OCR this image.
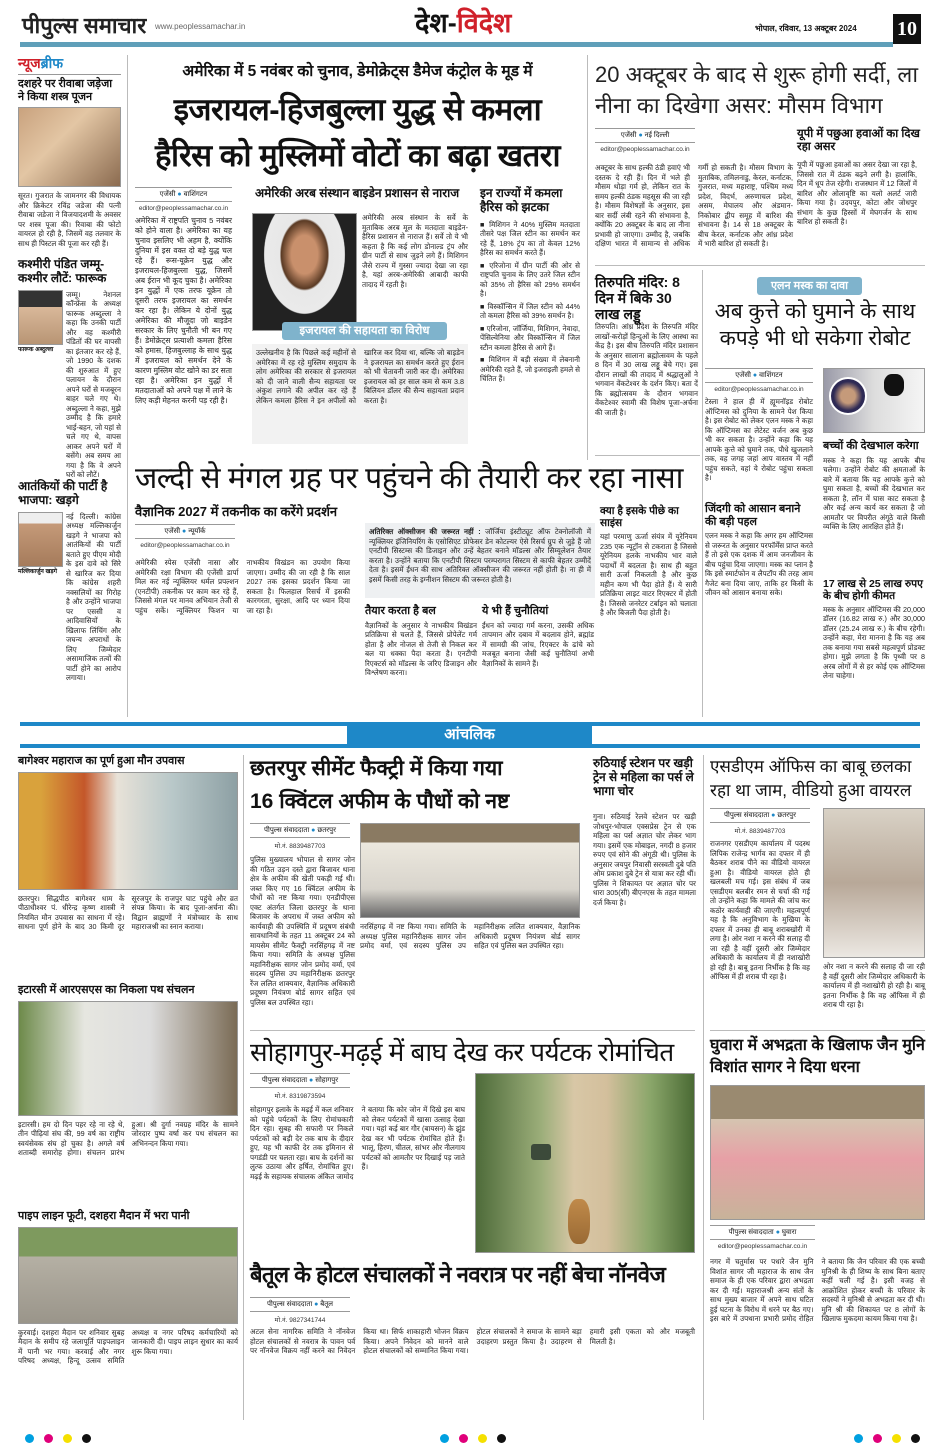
पीपुल्स समाचार www.peoplessamachar.in	देश-विदेश	भोपाल, रविवार, 13 अक्टूबर 2024 10
न्यूजब्रीफ
दशहरे पर रीवाबा जड़ेजा ने किया शस्त्र पूजन
सूरत। गुजरात के जामनगर की विधायक और क्रिकेटर रविंद्र जडेजा की पत्नी रीवाबा जडेजा ने विजयादशमी के अवसर पर शस्त्र पूजा की। रिवाबा की फोटो वायरल हो रही है, जिसमें वह तलवार के साथ ही पिस्टल की पूजा कर रही हैं।
कश्मीरी पंडित जम्मू-कश्मीर लौटें: फारूक
फारूक अब्दुल्ला
जम्मू। नेशनल कॉन्फ्रेंस के अध्यक्ष फारूक अब्दुल्ला ने कहा कि उनकी पार्टी और वह कश्मीरी पंडितों की घर वापसी का इंतजार कर रहे हैं, जो 1990 के दशक की शुरुआत में हुए पलायन के दौरान अपने घरों से मजबूरन बाहर चले गए थे। अब्दुल्ला ने कहा, मुझे उम्मीद है कि हमारे भाई-बहन, जो यहां से चले गए थे, वापस आकर अपने घरों में बसेंगे। अब समय आ गया है कि वे अपने घरों को लौटें।
आतंकियों की पार्टी है भाजपा: खड़गे
मल्लिकार्जुन खड़गे
नई दिल्ली। कांग्रेस अध्यक्ष मल्लिकार्जुन खड़गे ने भाजपा को आतंकियों की पार्टी बताते हुए पीएम मोदी के इस दावे को सिरे से खारिज कर दिया कि कांग्रेस शहरी नक्सलियों का गिरोह है और उन्होंने भाजपा पर एससी व आदिवासियों के खिलाफ लिंचिंग और जघन्य अपराधों के लिए जिम्मेदार असामाजिक तत्वों की पार्टी होने का आरोप लगाया।
अमेरिका में 5 नवंबर को चुनाव, डेमोक्रेट्स डैमेज कंट्रोल के मूड में
इजरायल-हिजबुल्ला युद्ध से कमला
हैरिस को मुस्लिमों वोटों का बढ़ा खतरा
एजेंसी ● वाशिंगटन
editor@peoplessamachar.co.in
अमेरिका में राष्ट्रपति चुनाव 5 नवंबर को होने वाला है। अमेरिका का यह चुनाव इसलिए भी अहम है, क्योंकि दुनिया में इस वक्त दो बड़े युद्ध चल रहे हैं। रूस-यूक्रेन युद्ध और इजरायल-हिजबुल्ला युद्ध, जिसमें अब ईरान भी कूद चुका है। अमेरिका इन युद्धों में एक तरफ यूक्रेन तो दूसरी तरफ इजरायल का समर्थन कर रहा है। लेकिन ये दोनों युद्ध अमेरिका की मौजूदा जो बाइडेन सरकार के लिए चुनौती भी बन गए हैं। डेमोक्रेट्स प्रत्याशी कमला हैरिस को हमास, हिजबुल्लाह के साथ युद्ध में इजरायल को समर्थन देने के कारण मुस्लिम वोट खोने का डर सता रहा है। अमेरिका इन युद्धों में मतदाताओं को अपने पक्ष में लाने के लिए कड़ी मेहनत करनी पड़ रही है।
अमेरिकी अरब संस्थान बाइडेन प्रशासन से नाराज
अमेरिकी अरब संस्थान के सर्वे के मुताबिक अरब मूल के मतदाता बाइडेन-हैरिस प्रशासन से नाराज हैं। सर्वे तो ये भी कहता है कि कई लोग डोनाल्ड ट्रंप और ग्रीन पार्टी से साथ जुड़ने लगे हैं। मिशिगन जैसे राज्य में गुस्सा ज्यादा देखा जा रहा है, यहां अरब-अमेरिकी आबादी काफी तादाद में रहती है।
इजरायल की सहायता का विरोध
उल्लेखनीय है कि पिछले कई महीनों से अमेरिका में रह रहे मुस्लिम समुदाय के लोग अमेरिका की सरकार से इजरायल को दी जाने वाली सैन्य सहायता पर अंकुश लगाने की अपील कर रहे हैं लेकिन कमला हैरिस ने इन अपीलों को खारिज कर दिया था, बल्कि जो बाइडेन ने इजरायल का समर्थन करते हुए ईरान को भी चेतावनी जारी कर दी। अमेरिका इजरायल को हर साल कम से कम 3.8 बिलियन डॉलर की सैन्य सहायता प्रदान करता है।
इन राज्यों में कमला हैरिस को झटका
■ मिशिगन ने 40% मुस्लिम मतदाता तीसरे पक्ष जिल स्टीन का समर्थन कर रहे हैं, 18% ट्रंप का तो केवल 12% हैरिस का समर्थन करते हैं।
■ एरिजोना में ग्रीन पार्टी की ओर से राष्ट्रपति चुनाव के लिए उतरे जिल स्टीन को 35% तो हैरिस को 29% समर्थन है।
■ विस्कॉन्सिन में जिल स्टीन को 44% तो कमला हैरिस को 39% समर्थन है।
■ एरिजोना, जॉर्जिया, मिशिगन, नेवादा, पेंसिल्वेनिया और विस्कॉन्सिन में जिल स्टीन कमला हैरिस से आगे हैं।
■ मिशिगन में बड़ी संख्या में लेबनानी अमेरिकी रहते हैं, जो इजराइली हमले से चिंतित हैं।
20 अक्टूबर के बाद से शुरू होगी सर्दी, ला नीना का दिखेगा असर: मौसम विभाग
एजेंसी ● नई दिल्ली
editor@peoplessamachar.co.in
अक्टूबर के साथ हल्की ठंडी हवाएं भी दस्तक दे रही हैं। दिन में भले ही मौसम थोड़ा गर्म हो, लेकिन रात के समय हल्की ठंडक महसूस की जा रही है। मौसम विशेषज्ञों के अनुसार, इस बार सर्दी लंबी रहने की संभावना है, क्योंकि 20 अक्टूबर के बाद ला नीना प्रभावी हो जाएगा। उम्मीद है, जबकि दक्षिण भारत में सामान्य से अधिक गर्मी हो सकती है। मौसम विभाग के मुताबिक, तमिलनाडु, केरल, कर्नाटक, गुजरात, मध्य महाराष्ट्र, पश्चिम मध्य प्रदेश, विदर्भ, अरुणाचल प्रदेश, असम, मेघालय और अंडमान-निकोबार द्वीप समूह में बारिश की संभावना है। 14 से 18 अक्टूबर के बीच केरल, कर्नाटक और आंध्र प्रदेश में भारी बारिश हो सकती है।
यूपी में पछुआ हवाओं का दिख रहा असर
यूपी में पछुआ हवाओं का असर देखा जा रहा है, जिससे रात में ठंडक बढ़ने लगी है। हालांकि, दिन में धूप तेज रहेगी। राजस्थान में 12 जिलों में बारिश और ओलावृष्टि का यलो अलर्ट जारी किया गया है। उदयपुर, कोटा और जोधपुर संभाग के कुछ हिस्सों में मेघगर्जन के साथ बारिश हो सकती है।
तिरुपति मंदिर: 8 दिन में बिके 30 लाख लड्डू
तिरुपति। आंध्र प्रदेश के तिरुपति मंदिर लाखों-करोड़ों हिन्दुओं के लिए आस्था का केंद्र है। इस बीच तिरुपति मंदिर प्रशासन के अनुसार सालाना ब्रह्मोत्सवम के पहले 8 दिन में 30 लाख लड्डू बेचे गए। इस दौरान लाखों की तादाद में श्रद्धालुओं ने भगवान वेंकटेश्वर के दर्शन किए। बता दें कि ब्रह्मोत्सवम के दौरान भगवान वेंकटेश्वर स्वामी की विशेष पूजा-अर्चना की जाती है।
एलन मस्क का दावा
अब कुत्ते को घुमाने के साथ कपड़े भी धो सकेगा रोबोट
एजेंसी ● वाशिंगटन
editor@peoplessamachar.co.in
टेस्ला ने हाल ही में ह्यूमनॉइड रोबोट ऑप्टिमस को दुनिया के सामने पेश किया है। इस रोबोट को लेकर एलन मस्क ने कहा कि ऑप्टिमस का लेटेस्ट वर्जन अब कुछ भी कर सकता है। उन्होंने कहा कि यह आपके कुत्ते को घुमाने तक, पौधे खुजलाने तक, वह जगह जहां आप वास्तव में नहीं पहुंच सकते, वहां ये रोबोट पहुंचा सकता है।
जिंदगी को आसान बनाने की बड़ी पहल
एलन मस्क ने कहा कि अगर हम ऑप्टिमस से जरूरत के अनुसार परफॉर्मेंस प्राप्त करते हैं तो इसे एक दशक में आम जनजीवन के बीच पहुंचा दिया जाएगा। मस्क का प्लान है कि इसे स्मार्टफोन व लैपटॉप की तरह आम गैजेट बना दिया जाए, ताकि हर किसी के जीवन को आसान बनाया सके।
बच्चों की देखभाल करेगा
मस्क ने कहा कि यह आपके बीच चलेगा। उन्होंने रोबोट की क्षमताओं के बारे में बताया कि यह आपके कुत्ते को घुमा सकता है, बच्चों की देखभाल कर सकता है, लॉन में घास काट सकता है और कई अन्य कार्य कर सकता है जो आमतौर पर विपरीत अंगूठे वाले किसी व्यक्ति के लिए आरक्षित होते हैं।
17 लाख से 25 लाख रुपए के बीच होगी कीमत
मस्क के अनुसार ऑप्टिमस की 20,000 डॉलर (16.82 लाख रु.) और 30,000 डॉलर (25.24 लाख रु.) के बीच रहेगी। उन्होंने कहा, मेरा मानना है कि यह अब तक बनाया गया सबसे महत्वपूर्ण प्रोडक्ट होगा। मुझे लगता है कि पृथ्वी पर 8 अरब लोगों में से हर कोई एक ऑप्टिमस लेना चाहेगा।
जल्दी से मंगल ग्रह पर पहुंचने की तैयारी कर रहा नासा
वैज्ञानिक 2027 में तकनीक का करेंगे प्रदर्शन
एजेंसी ● न्यूयॉर्क
editor@peoplessamachar.co.in
अमेरिकी स्पेस एजेंसी नासा और अमेरिकी रक्षा विभाग की एजेंसी डार्पा मिल कर नई न्यूक्लियर थर्मल प्रपल्शन (एनटीपी) तकनीक पर काम कर रहे हैं, जिससे मंगल पर मानव अभियान तेजी से पहुंच सकें। न्यूक्लियर फिशन या नाभकीय विखंडन का उपयोग किया जाएगा। उम्मीद की जा रही है कि साल 2027 तक इसका प्रदर्शन किया जा सकता है। फिलहाल रिसर्च में इसकी कारगरता, सुरक्षा, आदि पर ध्यान दिया जा रहा है।
अतिरिक्त ऑक्सीजन की जरूरत नहीं : जॉर्जिया इंस्टीट्यूट ऑफ टेक्नोलॉजी में न्यूक्लियर इंजिनियरिंग के एसोसिएट प्रोफेसर डेन कोटल्यर ऐसे रिसर्च ग्रुप से जुड़े हैं जो एनटीपी सिस्टम्स की डिजाइन और उन्हें बेहतर बनाने मॉडल्स और सिम्यूलेशन तैयार करता है। उन्होंने बताया कि एनटीपी सिस्टम परम्परागत सिस्टम से काफी बेहतर उम्मीदें देता है। इसमें ईंधन की साथ अतिरिक्त ऑक्सीजन की जरूरत नहीं होती है। ना ही में इसमें किसी तरह के इग्नीशन सिस्टम की जरूरत होती है।
तैयार करता है बल
वैज्ञानिकों के अनुसार ये नाभकीय विखंडन प्रतिक्रिया से चलते हैं, जिससे प्रोपेलेंट गर्म होता है और नोजल से तेजी से निकल कर बल या धक्का पैदा करता है। एनटीपी रिएक्टर्स को मॉडल्स के जरिए डिजाइन और विश्लेषण करना।
ये भी हैं चुनौतियां
ईंधन को ज्यादा गर्म करना, उसकी अधिक तापमान और दबाव में बदलाव होने, ब्रह्मांड में सामग्री की जांच, रिएक्टर के ढांचे को मजबूत बनाना जैसी कई चुनौतियां अभी वैज्ञानिकों के सामने हैं।
क्या है इसके पीछे का साइंस
यहां परमाणु ऊर्जा संयंत्र में यूरेनियम 235 एक न्यूट्रॉन से टकराता है जिससे यूरेनियम हलके नाभकीय भार वाले पदार्थों में बदलता है। साथ ही बहुत सारी ऊर्जा निकलती है और कुछ महीन कण भी पैदा होते हैं। ये सारी प्रतिक्रिया लाइट वाटर रिएक्टर में होती है। जिससे जनरेटर टर्बाइन को चलाता है और बिजली पैदा होती है।
आंचलिक
बागेश्वर महाराज का पूर्ण हुआ मौन उपवास
छतरपुर। सिद्धपीठ बागेश्वर धाम के पीठाधीश्वर पं. धीरेन्द्र कृष्ण शास्त्री ने नियमित मौन उपवास का साधना में रहे। साधना पूर्ण होने के बाद 30 किमी दूर सूरजपुर के राजपुर घाट पहुंचे और व्रत संपन्न किया। के बाद पूजा-अर्चना की। विद्वान ब्राह्मणों ने मंत्रोच्चार के साथ महाराजश्री का स्नान कराया।
इटारसी में आरएसएस का निकला पथ संचलन
इटारसी। हम दो दिन पहर रहे ना रहे थे, तीन पीढ़ियां संघ की, 99 वर्ष का राष्ट्रीय स्वयंसेवक संघ हो चुका है। अगले वर्ष शताब्दी समारोह होगा। संचलन प्रारंभ हुआ। श्री दुर्गा नवग्रह मंदिर के सामने जोरदार पुष्प वर्षा कर पथ संचलन का अभिनन्दन किया गया।
पाइप लाइन फूटी, दशहरा मैदान में भरा पानी
कुरवाई। दशहरा मैदान पर शनिवार सुबह मैदान के समीप रहे जलापूर्ति पाइपलाइन में पानी भर गया। करवाई और नगर परिषद अध्यक्ष, हिन्दू उत्सव समिति अध्यक्ष व नगर परिषद कर्मचारियों को जानकारी दी। पाइप लाइन सुधार का कार्य शुरू किया गया।
छतरपुर सीमेंट फैक्ट्री में किया गया
16 क्विंटल अफीम के पौधों को नष्ट
पीपुल्स संवाददाता ● छतरपुर
मो.नं. 8839487703
पुलिस मुख्यालय भोपाल से सागर जोन की गठित उड़न दस्ते द्वारा बिजावर थाना क्षेत्र के अफीम की खेती पकड़ी गई थी। जब्त किए गए 16 क्विंटल अफीम के पौधों को नष्ट किया गया। एनडीपीएस एक्ट अंतर्गत जिला छतरपुर के थाना बिजावर के अपराध में जब्त अफीम को कार्यवाही की उपस्थिति में प्रदूषण संबंधी सावधानियों के तहत 11 अक्टूबर 24 को मायसेम सीमेंट फैक्ट्री नरसिंहगढ़ में नष्ट किया गया। समिति के अध्यक्ष पुलिस महानिरीक्षक सागर जोन प्रमोद वर्मा, एवं सदस्य पुलिस उप महानिरीक्षक छतरपुर रेंज ललित शाक्यवार, वैज्ञानिक अधिकारी प्रदूषण नियंत्रण बोर्ड सागर सहित एवं पुलिस बल उपस्थित रहा।
नरसिंहगढ़ में नष्ट किया गया। समिति के अध्यक्ष पुलिस महानिरीक्षक सागर जोन प्रमोद वर्मा, एवं सदस्य पुलिस उप महानिरीक्षक ललित शाक्यवार, वैज्ञानिक अधिकारी प्रदूषण नियंत्रण बोर्ड सागर सहित एवं पुलिस बल उपस्थित रहा।
रुठियाई स्टेशन पर खड़ी ट्रेन से महिला का पर्स ले भागा चोर
गुना। रुठियाई रेलवे स्टेशन पर खड़ी जोधपुर-भोपाल एक्सप्रेस ट्रेन से एक महिला का पर्स अज्ञात चोर लेकर भाग गया। इसमें एक मोबाइल, नगदी 8 हजार रुपए एवं सोने की अंगूठी थी। पुलिस के अनुसार जयपुर निवासी सरस्वती दुबे पति ओम प्रकाश दुबे ट्रेन से यात्रा कर रही थीं। पुलिस ने शिकायत पर अज्ञात चोर पर धारा 305(सी) बीएनएस के तहत मामला दर्ज किया है।
एसडीएम ऑफिस का बाबू छलका रहा था जाम, वीडियो हुआ वायरल
पीपुल्स संवाददाता ● छतरपुर
मो.नं. 8839487703
राजनगर एसडीएम कार्यालय में पदस्थ लिपिक राजेन्द्र भार्गव का दफ्तर में ही बैठकर शराब पीने का वीडियो वायरल हुआ है। वीडियो वायरल होते ही खलबली मच गई। इस संबंध में जब एसडीएम बलबीर रमन से चर्चा की गई तो उन्होंने कहा कि मामले की जांच कर कठोर कार्यवाही की जाएगी। महत्वपूर्ण यह है कि अनुविभाग के मुखिया के दफ्तर में उनका ही बाबू शराबखोरी में लगा है। ओर नशा न करने की सलाह दी जा रही है वहीं दूसरी ओर जिम्मेदार अधिकारी के कार्यालय में ही नशाखोरी हो रही है। बाबू इतना निर्भीक है कि वह ऑफिस में ही शराब पी रहा है।
ओर नशा न करने की सलाह दी जा रही है वहीं दूसरी ओर जिम्मेदार अधिकारी के कार्यालय में ही नशाखोरी हो रही है। बाबू इतना निर्भीक है कि वह ऑफिस में ही शराब पी रहा है।
सोहागपुर-मढ़ई में बाघ देख कर पर्यटक रोमांचित
पीपुल्स संवाददाता ● सोहागपुर
मो.नं. 8319873594
सोहागपुर इलाके के मढ़ई में कल शनिवार को पहुंचे पर्यटकों के लिए रोमांचकारी दिन रहा। सुबह की सफारी पर निकले पर्यटकों को बड़ी देर तक बाघ के दीदार हुए, यह भी काफी देर तक इमिनान से पगडंडी पर चलता रहा। बाघ के दर्शनों का लुत्फ उठाया और हर्षित, रोमांचित हुए। मढ़ई के सहायक संचालक अंकित जामोद ने बताया कि कोर जोन में दिखे इस बाघ को लेकर पर्यटकों में खासा उत्साह देखा गया। यहां कई बार गौर (बायसन) के झुंड देख कर भी पर्यटक रोमांचित होते हैं। भालू, हिरण, चीतल, सांभर और नीलगाय पर्यटकों को आमतौर पर दिखाई पड़ जाते हैं।
बैतूल के होटल संचालकों ने नवरात्र पर नहीं बेचा नॉनवेज
पीपुल्स संवाददाता ● बैतूल
मो.नं. 9827341744
अटल सेना नागरिक समिति ने नॉनवेज होटल संचालकों से नवरात्र के पावन पर्व पर नॉनवेज विक्रय नहीं करने का निवेदन किया था। सिर्फ शाकाहारी भोजन विक्रय किया। अपने निवेदन को मानने वाले होटल संचालकों को सम्मानित किया गया। होटल संचालकों ने समाज के सामने बड़ा उदाहरण प्रस्तुत किया है। उदाहरण से हमारी इसी एकता को और मजबूती मिलती है।
घुवारा में अभद्रता के खिलाफ जैन मुनि विशांत सागर ने दिया धरना
पीपुल्स संवाददाता ● घुवारा
editor@peoplessamachar.co.in
नगर में चतुर्मास पर पधारे जैन मुनि विशांत सागर जी महाराज के साथ जैन समाज के ही एक परिवार द्वारा अभद्रता कर दी गई। महाराजश्री अन्य संतों के साथ मुख्य बाजार में अपने साथ घटित हुई घटना के विरोध में धरने पर बैठ गए। इस बारे में उपथाना प्रभारी प्रमोद रोहित ने बताया कि जैन परिवार की एक बच्ची मुनिश्री के ही शिष्य के साथ बिना बताए कहीं चली गई है। इसी वजह से आक्रोशित होकर बच्ची के परिवार के सदस्यों ने मुनिश्री से अभद्रता कर दी थी। मुनि श्री की शिकायत पर 8 लोगों के खिलाफ मुकदमा कायम किया गया है।
